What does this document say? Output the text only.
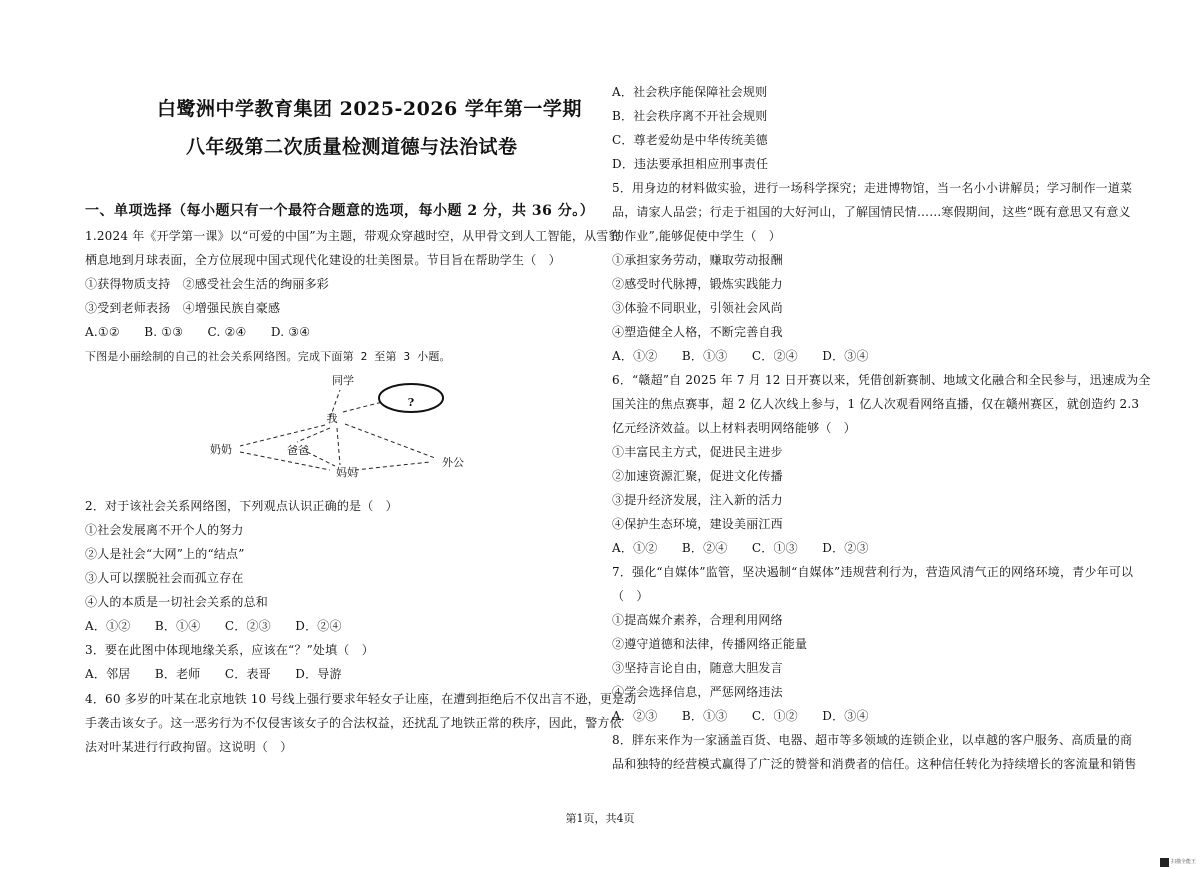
白鹭洲中学教育集团 2025-2026 学年第一学期
八年级第二次质量检测道德与法治试卷
一、单项选择（每小题只有一个最符合题意的选项，每小题 2 分，共 36 分。）
1.2024 年《开学第一课》以“可爱的中国”为主题，带观众穿越时空，从甲骨文到人工智能，从雪豹
栖息地到月球表面，全方位展现中国式现代化建设的壮美图景。节目旨在帮助学生（　）
①获得物质支持　②感受社会生活的绚丽多彩
③受到老师表扬　④增强民族自豪感
A.①②　　B. ①③　　C. ②④　　D. ③④
下图是小丽绘制的自己的社会关系网络图。完成下面第 2 至第 3 小题。
2．对于该社会关系网络图，下列观点认识正确的是（　）
①社会发展离不开个人的努力
②人是社会“大网”上的“结点”
③人可以摆脱社会而孤立存在
④人的本质是一切社会关系的总和
A．①②　　B．①④　　C．②③　　D．②④
3．要在此图中体现地缘关系，应该在“？”处填（　）
A．邻居　　B．老师　　C．表哥　　D．导游
4．60 多岁的叶某在北京地铁 10 号线上强行要求年轻女子让座，在遭到拒绝后不仅出言不逊，更是动
手袭击该女子。这一恶劣行为不仅侵害该女子的合法权益，还扰乱了地铁正常的秩序，因此，警方依
法对叶某进行行政拘留。这说明（　）
?
同学
我
奶奶	爸爸
妈妈
外公
A．社会秩序能保障社会规则
B．社会秩序离不开社会规则
C．尊老爱幼是中华传统美德
D．违法要承担相应刑事责任
5．用身边的材料做实验，进行一场科学探究；走进博物馆，当一名小小讲解员；学习制作一道菜
品，请家人品尝；行走于祖国的大好河山，了解国情民情……寒假期间，这些“既有意思又有意义
的作业”,能够促使中学生（　）
①承担家务劳动，赚取劳动报酬
②感受时代脉搏，锻炼实践能力
③体验不同职业，引领社会风尚
④塑造健全人格，不断完善自我
A．①②　　B．①③　　C．②④　　D．③④
6．“赣超”自 2025 年 7 月 12 日开赛以来，凭借创新赛制、地域文化融合和全民参与，迅速成为全
国关注的焦点赛事，超 2 亿人次线上参与，1 亿人次观看网络直播，仅在赣州赛区，就创造约 2.3
亿元经济效益。以上材料表明网络能够（　）
①丰富民主方式，促进民主进步
②加速资源汇聚，促进文化传播
③提升经济发展，注入新的活力
④保护生态环境，建设美丽江西
A．①②　　B．②④　　C．①③　　D．②③
7．强化“自媒体”监管，坚决遏制“自媒体”违规营利行为，营造风清气正的网络环境，青少年可以
（　）
①提高媒介素养，合理利用网络
②遵守道德和法律，传播网络正能量
③坚持言论自由，随意大胆发言
④学会选择信息，严惩网络违法
A．②③　　B．①③　　C．①②　　D．③④
8．胖东来作为一家涵盖百货、电器、超市等多领域的连锁企业，以卓越的客户服务、高质量的商
品和独特的经营模式赢得了广泛的赞誉和消费者的信任。这种信任转化为持续增长的客流量和销售
第1页，共4页
扫描全能王
